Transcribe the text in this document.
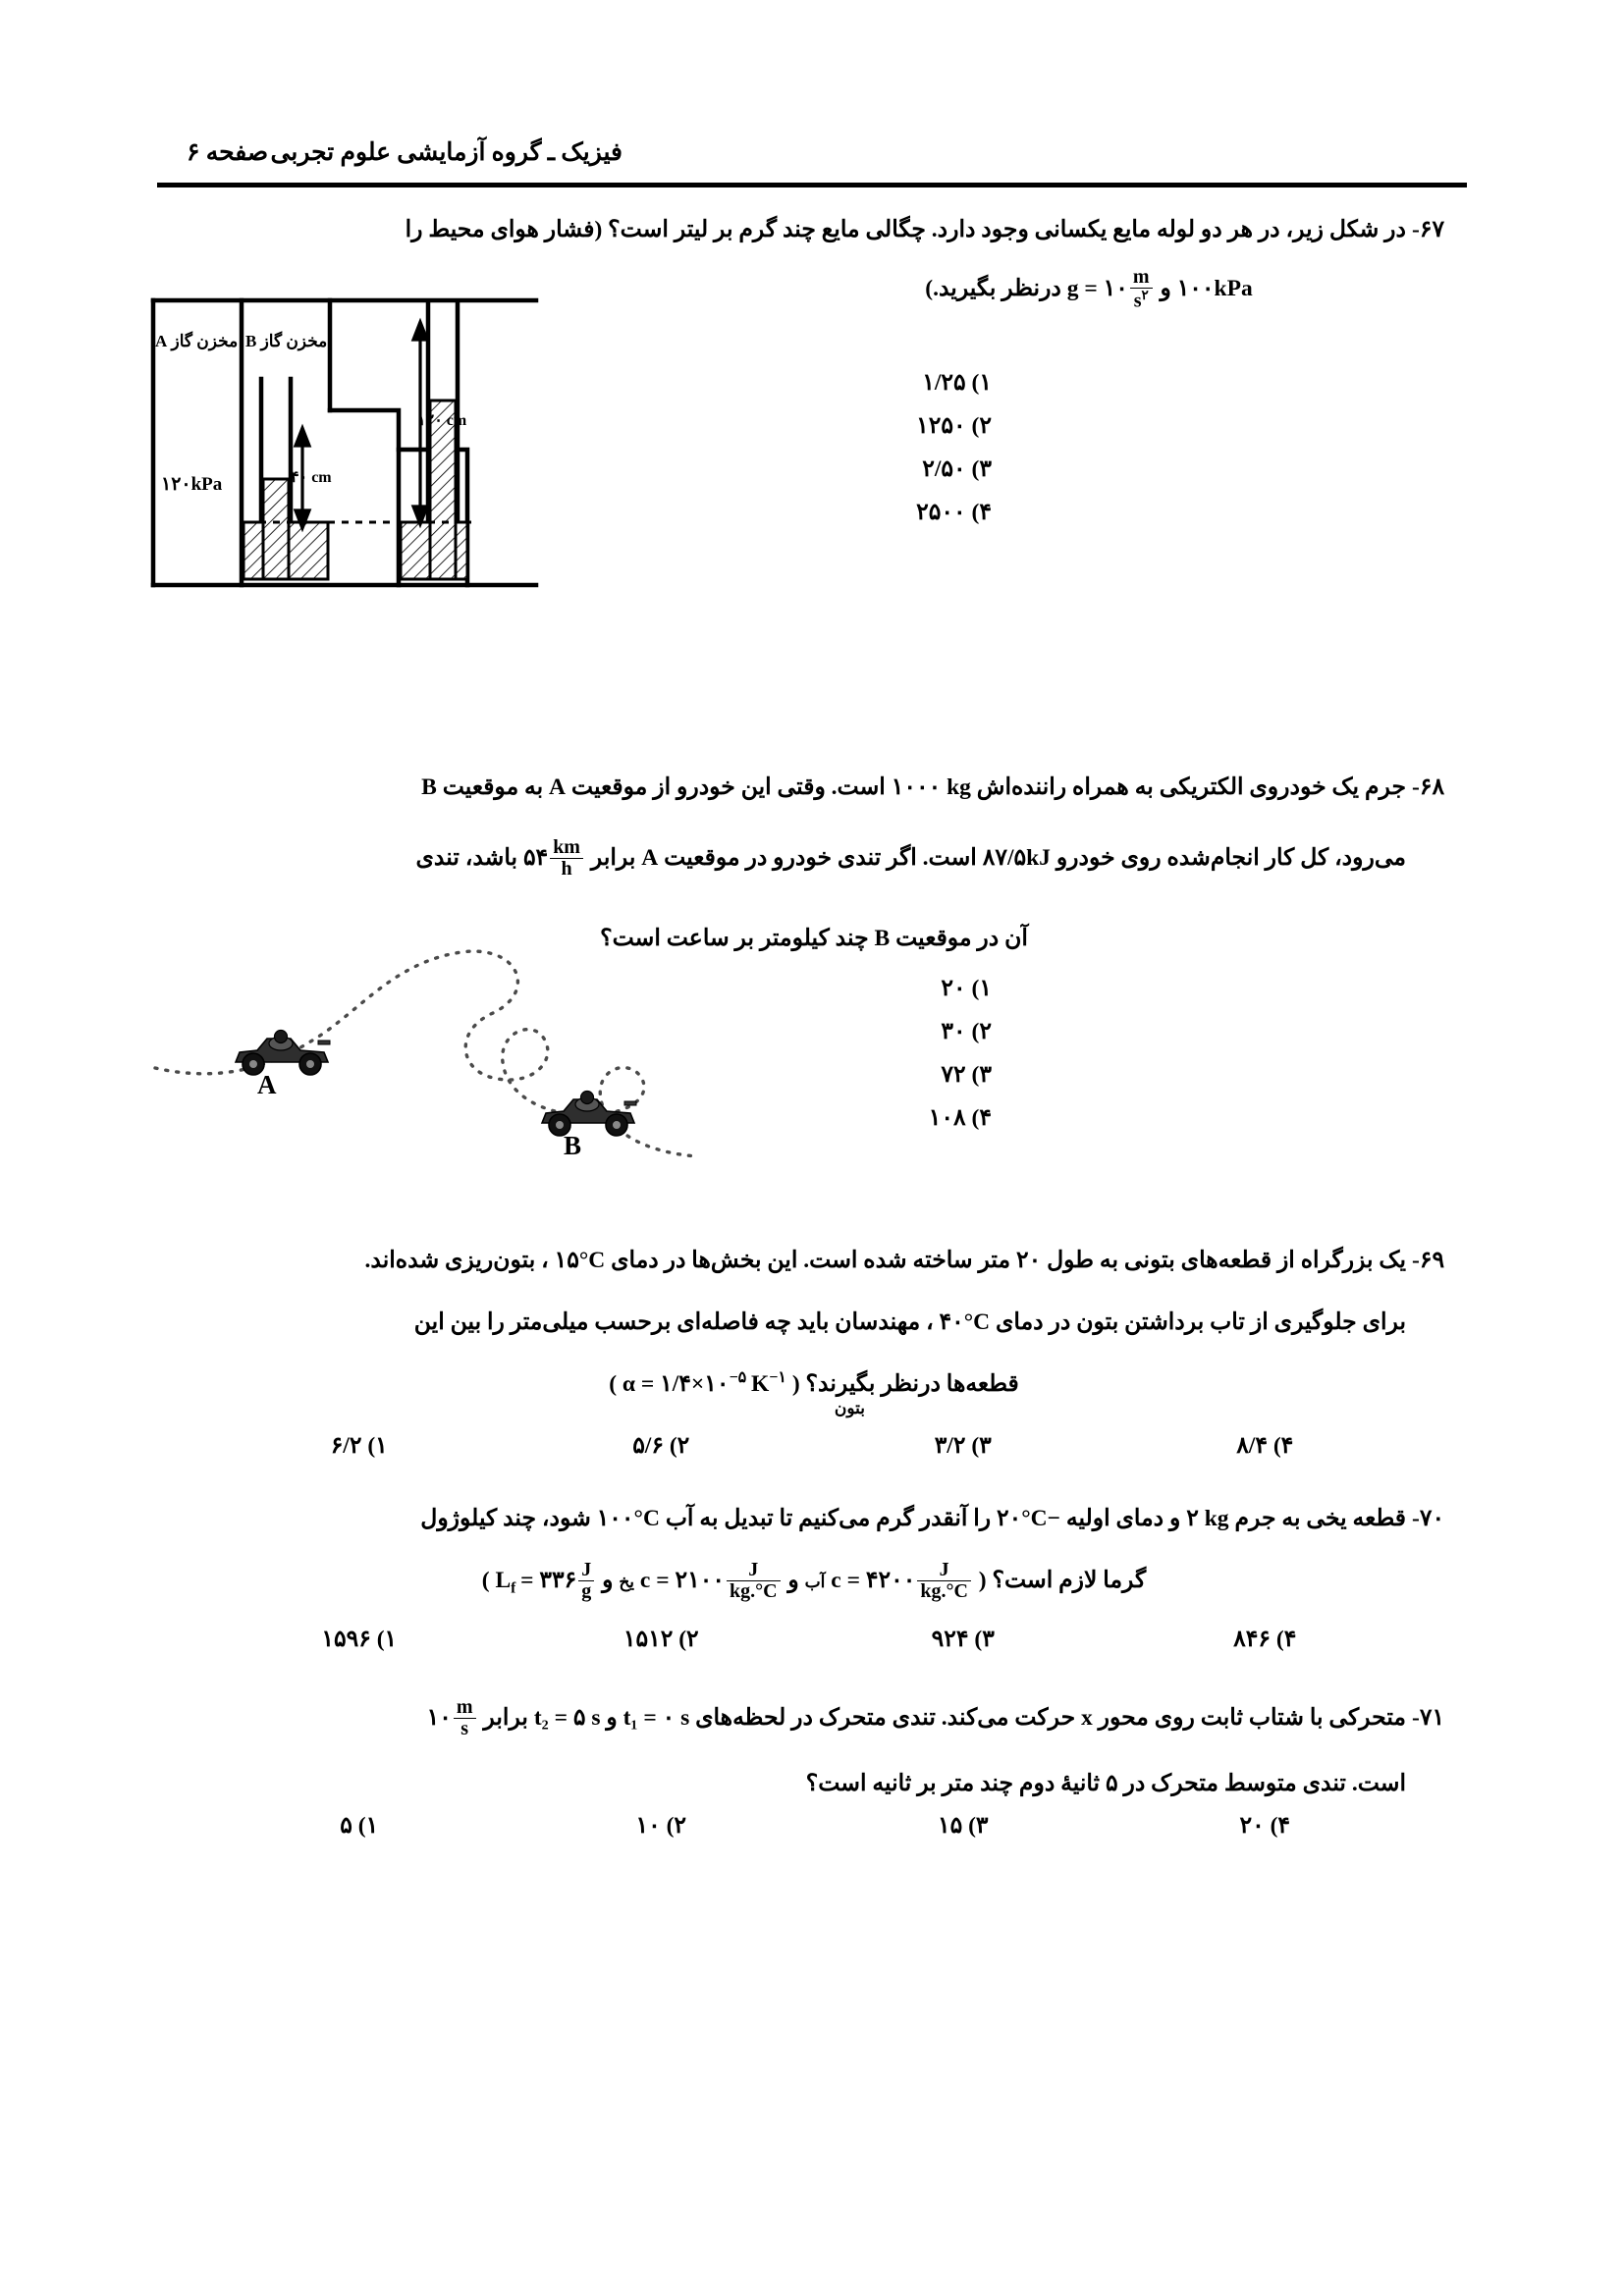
فیزیک ـ گروه آزمایشی علوم تجربی
صفحه ۶
-۶۷
در شکل زیر، در هر دو لوله مایع یکسانی وجود دارد. چگالی مایع چند گرم بر لیتر است؟ (فشار هوای محیط را
۱۰۰kPa و g = ۱۰ $\frac{m}{s^۲}$
درنظر بگیرید.)
(۱ ۱/۲۵
(۲ ۱۲۵۰
(۳ ۲/۵۰
(۴ ۲۵۰۰
مخزن گاز A مخزن گاز B
۱۲۰kPa	۴۰ cm
۱۲۰ cm
-۶۸
جرم یک خودروی الکتریکی به همراه راننده‌اش ۱۰۰۰ kg است. وقتی این خودرو از موقعیت A به موقعیت B
می‌رود، کل کار انجام‌شده روی خودرو ۸۷/۵kJ است. اگر تندی خودرو در موقعیت A برابر ۵۴ $\frac{km}{h}$
باشد، تندی
آن در موقعیت B چند کیلومتر بر ساعت است؟
(۱ ۲۰
(۲ ۳۰
(۳ ۷۲
(۴ ۱۰۸
A
B
-۶۹
یک بزرگراه از قطعه‌های بتونی به طول ۲۰ متر ساخته شده است. این بخش‌ها در دمای ۱۵°C ، بتون‌ریزی شده‌اند.
برای جلوگیری از تاب برداشتن بتون در دمای ۴۰°C ، مهندسان باید چه فاصله‌ای برحسب میلی‌متر را بین این
قطعه‌ها درنظر بگیرند؟ ( $\alpha = ۱/۴\times ۱۰^{-۵}$  $K^{-۱}$ )
بتون
(۴ ۸/۴
(۳ ۳/۲
(۲ ۵/۶
(۱ ۶/۲
-۷۰
قطعه یخی به جرم ۲ kg و دمای اولیه ۲۰°C− را آنقدر گرم می‌کنیم تا تبدیل به آب ۱۰۰°C شود، چند کیلوژول
گرما لازم است؟ ( c = ۴۲۰۰ $\frac{J}{kg.^\circ C}$
آب و c = ۲۱۰۰ $\frac{J}{kg.^\circ C}$
یخ و $L_f$  = ۳۳۶ $\frac{J}{g}$
)
(۴ ۸۴۶
(۳ ۹۲۴
(۲ ۱۵۱۲
(۱ ۱۵۹۶
-۷۱
متحرکی با شتاب ثابت روی محور x حرکت می‌کند. تندی متحرک در لحظه‌های t₁ = ۰ s و t₂ = ۵ s برابر ۱۰ $\frac{m}{s}$
است. تندی متوسط متحرک در ۵ ثانیهٔ دوم چند متر بر ثانیه است؟
(۴ ۲۰
(۳ ۱۵
(۲ ۱۰
(۱ ۵
